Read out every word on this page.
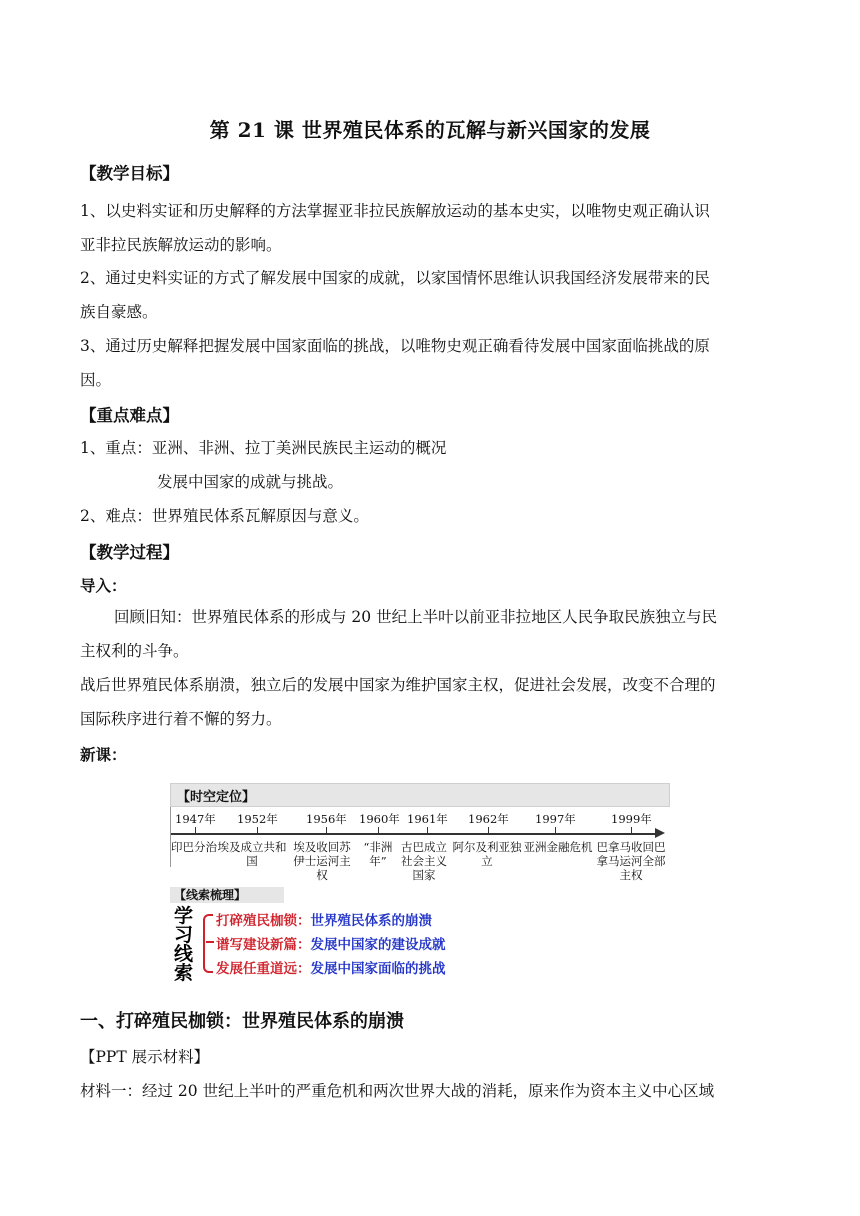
第 21 课 世界殖民体系的瓦解与新兴国家的发展
【教学目标】
1、以史料实证和历史解释的方法掌握亚非拉民族解放运动的基本史实，以唯物史观正确认识
亚非拉民族解放运动的影响。
2、通过史料实证的方式了解发展中国家的成就，以家国情怀思维认识我国经济发展带来的民
族自豪感。
3、通过历史解释把握发展中国家面临的挑战，以唯物史观正确看待发展中国家面临挑战的原
因。
【重点难点】
1、重点：亚洲、非洲、拉丁美洲民族民主运动的概况
发展中国家的成就与挑战。
2、难点：世界殖民体系瓦解原因与意义。
【教学过程】
导入：
回顾旧知：世界殖民体系的形成与 20 世纪上半叶以前亚非拉地区人民争取民族独立与民
主权利的斗争。
战后世界殖民体系崩溃，独立后的发展中国家为维护国家主权，促进社会发展，改变不合理的
国际秩序进行着不懈的努力。
新课：
【时空定位】
1947年 1952年 1956年 1960年 1961年 1962年 1997年	1999年
印巴分治 埃及成立共和国
埃及收回苏伊士运河主权
“非洲年”
古巴成立社会主义国家
阿尔及利亚独立
亚洲金融危机 巴拿马收回巴拿马运河全部主权
【线索梳理】
学习线索
打碎殖民枷锁：世界殖民体系的崩溃
谱写建设新篇：发展中国家的建设成就
发展任重道远：发展中国家面临的挑战
一、打碎殖民枷锁：世界殖民体系的崩溃
【PPT 展示材料】
材料一：经过 20 世纪上半叶的严重危机和两次世界大战的消耗，原来作为资本主义中心区域
